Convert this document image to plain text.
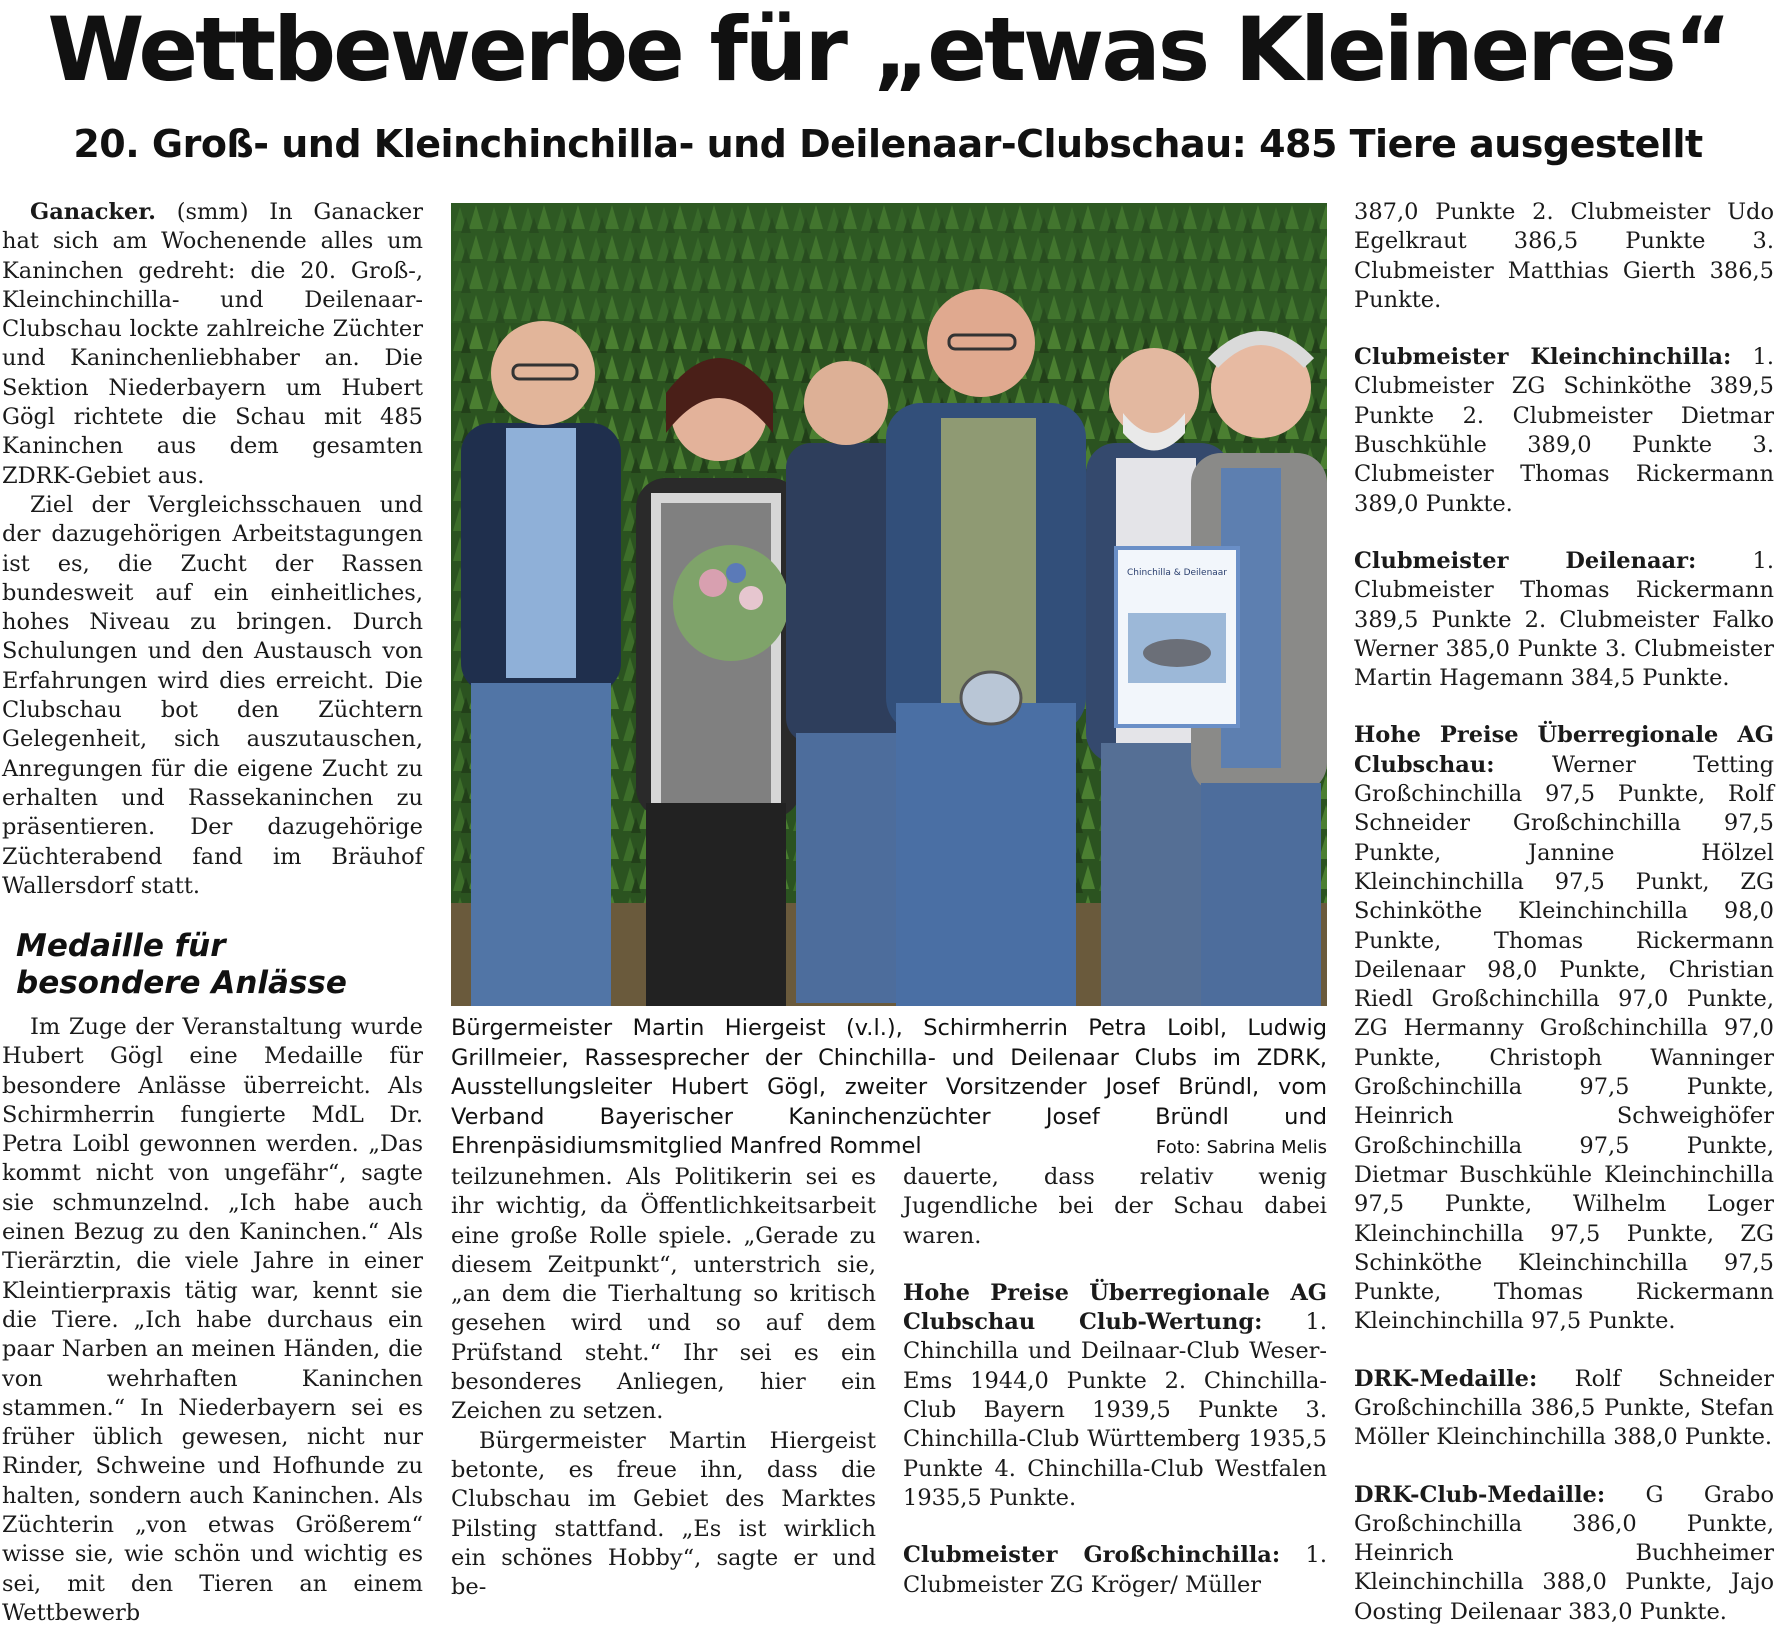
Wettbewerbe für „etwas Kleineres“
20. Groß- und Kleinchinchilla- und Deilenaar-Clubschau: 485 Tiere ausgestellt

Ganacker. (smm) In Ganacker hat sich am Wochenende alles um Kaninchen gedreht: die 20. Groß-, Kleinchinchilla- und Deilenaar-Clubschau lockte zahlreiche Züchter und Kaninchenliebhaber an. Die Sektion Niederbayern um Hubert Gögl richtete die Schau mit 485 Kaninchen aus dem gesamten ZDRK-Gebiet aus.

Ziel der Vergleichsschauen und der dazugehörigen Arbeitstagungen ist es, die Zucht der Rassen bundesweit auf ein einheitliches, hohes Niveau zu bringen. Durch Schulungen und den Austausch von Erfahrungen wird dies erreicht. Die Clubschau bot den Züchtern Gelegenheit, sich auszutauschen, Anregungen für die eigene Zucht zu erhalten und Rassekaninchen zu präsentieren. Der dazugehörige Züchterabend fand im Bräuhof Wallersdorf statt.

Medaille für besondere Anlässe

Im Zuge der Veranstaltung wurde Hubert Gögl eine Medaille für besondere Anlässe überreicht. Als Schirmherrin fungierte MdL Dr. Petra Loibl gewonnen werden. „Das kommt nicht von ungefähr“, sagte sie schmunzelnd. „Ich habe auch einen Bezug zu den Kaninchen.“ Als Tierärztin, die viele Jahre in einer Kleintierpraxis tätig war, kennt sie die Tiere. „Ich habe durchaus ein paar Narben an meinen Händen, die von wehrhaften Kaninchen stammen.“ In Niederbayern sei es früher üblich gewesen, nicht nur Rinder, Schweine und Hofhunde zu halten, sondern auch Kaninchen. Als Züchterin „von etwas Größerem“ wisse sie, wie schön und wichtig es sei, mit den Tieren an einem Wettbewerb

Chinchilla & Deilenaar
Bürgermeister Martin Hiergeist (v.l.), Schirmherrin Petra Loibl, Ludwig Grillmeier, Rassesprecher der Chinchilla- und Deilenaar Clubs im ZDRK, Ausstellungsleiter Hubert Gögl, zweiter Vorsitzender Josef Bründl, vom Verband Bayerischer Kaninchenzüchter Josef Bründl und Ehrenpäsidiumsmitglied Manfred Rommel	Foto: Sabrina Melis

teilzunehmen. Als Politikerin sei es ihr wichtig, da Öffentlichkeitsarbeit eine große Rolle spiele. „Gerade zu diesem Zeitpunkt“, unterstrich sie, „an dem die Tierhaltung so kritisch gesehen wird und so auf dem Prüfstand steht.“ Ihr sei es ein besonderes Anliegen, hier ein Zeichen zu setzen.

Bürgermeister Martin Hiergeist betonte, es freue ihn, dass die Clubschau im Gebiet des Marktes Pilsting stattfand. „Es ist wirklich ein schönes Hobby“, sagte er und be-

dauerte, dass relativ wenig Jugendliche bei der Schau dabei waren.

Hohe Preise Überregionale AG Clubschau Club-Wertung: 1. Chinchilla und Deilnaar-Club Weser-Ems 1944,0 Punkte 2. Chinchilla-Club Bayern 1939,5 Punkte 3. Chinchilla-Club Württemberg 1935,5 Punkte 4. Chinchilla-Club Westfalen 1935,5 Punkte.

Clubmeister Großchinchilla: 1. Clubmeister ZG Kröger/ Müller

387,0 Punkte 2. Clubmeister Udo Egelkraut 386,5 Punkte 3. Clubmeister Matthias Gierth 386,5 Punkte.

Clubmeister Kleinchinchilla: 1. Clubmeister ZG Schinköthe 389,5 Punkte 2. Clubmeister Dietmar Buschkühle 389,0 Punkte 3. Clubmeister Thomas Rickermann 389,0 Punkte.

Clubmeister Deilenaar: 1. Clubmeister Thomas Rickermann 389,5 Punkte 2. Clubmeister Falko Werner 385,0 Punkte 3. Clubmeister Martin Hagemann 384,5 Punkte.

Hohe Preise Überregionale AG Clubschau: Werner Tetting Großchinchilla 97,5 Punkte, Rolf Schneider Großchinchilla 97,5 Punkte, Jannine Hölzel Kleinchinchilla 97,5 Punkt, ZG Schinköthe Kleinchinchilla 98,0 Punkte, Thomas Rickermann Deilenaar 98,0 Punkte, Christian Riedl Großchinchilla 97,0 Punkte, ZG Hermanny Großchinchilla 97,0 Punkte, Christoph Wanninger Großchinchilla 97,5 Punkte, Heinrich Schweighöfer Großchinchilla 97,5 Punkte, Dietmar Buschkühle Kleinchinchilla 97,5 Punkte, Wilhelm Loger Kleinchinchilla 97,5 Punkte, ZG Schinköthe Kleinchinchilla 97,5 Punkte, Thomas Rickermann Kleinchinchilla 97,5 Punkte.

DRK-Medaille: Rolf Schneider Großchinchilla 386,5 Punkte, Stefan Möller Kleinchinchilla 388,0 Punkte.

DRK-Club-Medaille: G Grabo Großchinchilla 386,0 Punkte, Heinrich Buchheimer Kleinchinchilla 388,0 Punkte, Jajo Oosting Deilenaar 383,0 Punkte.
